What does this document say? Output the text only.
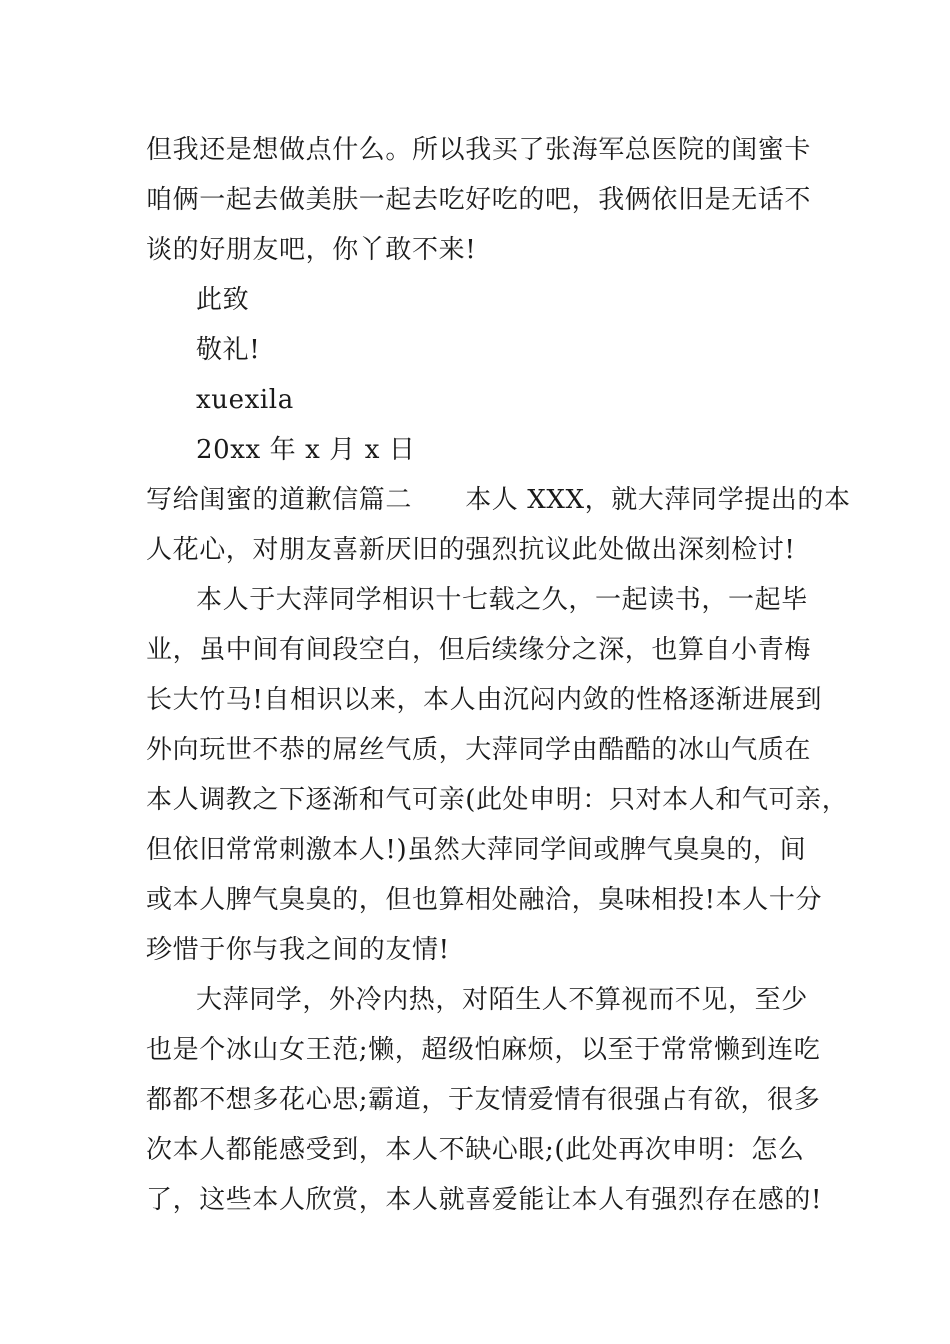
但我还是想做点什么。所以我买了张海军总医院的闺蜜卡
咱俩一起去做美肤一起去吃好吃的吧，我俩依旧是无话不
谈的好朋友吧，你丫敢不来!
此致
敬礼!
xuexila
20xx 年 x 月 x 日
写给闺蜜的道歉信篇二　　本人 XXX，就大萍同学提出的本
人花心，对朋友喜新厌旧的强烈抗议此处做出深刻检讨!
本人于大萍同学相识十七载之久，一起读书，一起毕
业，虽中间有间段空白，但后续缘分之深，也算自小青梅
长大竹马!自相识以来，本人由沉闷内敛的性格逐渐进展到
外向玩世不恭的屌丝气质，大萍同学由酷酷的冰山气质在
本人调教之下逐渐和气可亲(此处申明：只对本人和气可亲，
但依旧常常刺激本人!)虽然大萍同学间或脾气臭臭的，间
或本人脾气臭臭的，但也算相处融洽，臭味相投!本人十分
珍惜于你与我之间的友情!
大萍同学，外冷内热，对陌生人不算视而不见，至少
也是个冰山女王范;懒，超级怕麻烦，以至于常常懒到连吃
都都不想多花心思;霸道，于友情爱情有很强占有欲，很多
次本人都能感受到，本人不缺心眼;(此处再次申明：怎么
了，这些本人欣赏，本人就喜爱能让本人有强烈存在感的!
